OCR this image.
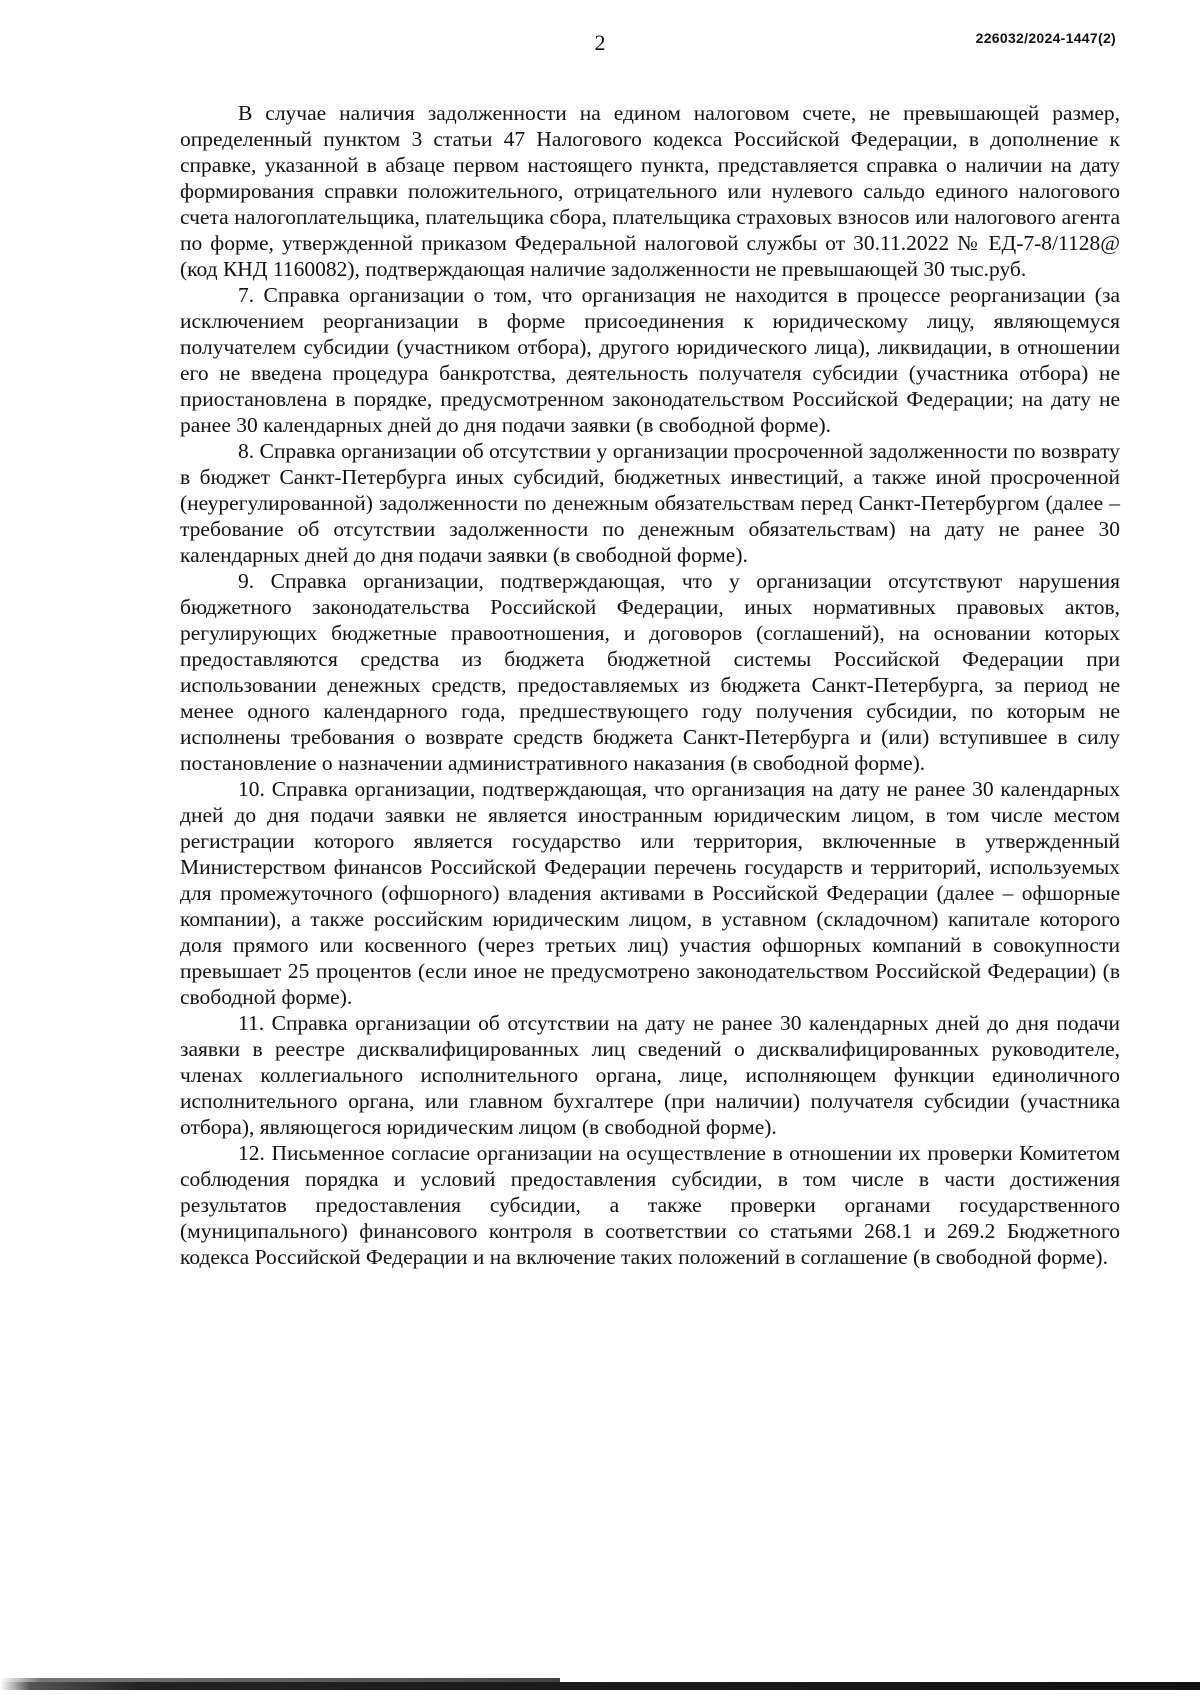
2	226032/2024-1447(2)

В случае наличия задолженности на едином налоговом счете, не превышающей размер, определенный пунктом 3 статьи 47 Налогового кодекса Российской Федерации, в дополнение к справке, указанной в абзаце первом настоящего пункта, представляется справка о наличии на дату формирования справки положительного, отрицательного или нулевого сальдо единого налогового счета налогоплательщика, плательщика сбора, плательщика страховых взносов или налогового агента по форме, утвержденной приказом Федеральной налоговой службы от 30.11.2022 № ЕД-7-8/1128@ (код КНД 1160082), подтверждающая наличие задолженности не превышающей 30 тыс.руб.

7. Справка организации о том, что организация не находится в процессе реорганизации (за исключением реорганизации в форме присоединения к юридическому лицу, являющемуся получателем субсидии (участником отбора), другого юридического лица), ликвидации, в отношении его не введена процедура банкротства, деятельность получателя субсидии (участника отбора) не приостановлена в порядке, предусмотренном законодательством Российской Федерации; на дату не ранее 30 календарных дней до дня подачи заявки (в свободной форме).

8. Справка организации об отсутствии у организации просроченной задолженности по возврату в бюджет Санкт-Петербурга иных субсидий, бюджетных инвестиций, а также иной просроченной (неурегулированной) задолженности по денежным обязательствам перед Санкт-Петербургом (далее – требование об отсутствии задолженности по денежным обязательствам) на дату не ранее 30 календарных дней до дня подачи заявки (в свободной форме).

9. Справка организации, подтверждающая, что у организации отсутствуют нарушения бюджетного законодательства Российской Федерации, иных нормативных правовых актов, регулирующих бюджетные правоотношения, и договоров (соглашений), на основании которых предоставляются средства из бюджета бюджетной системы Российской Федерации при использовании денежных средств, предоставляемых из бюджета Санкт-Петербурга, за период не менее одного календарного года, предшествующего году получения субсидии, по которым не исполнены требования о возврате средств бюджета Санкт-Петербурга и (или) вступившее в силу постановление о назначении административного наказания (в свободной форме).

10. Справка организации, подтверждающая, что организация на дату не ранее 30 календарных дней до дня подачи заявки не является иностранным юридическим лицом, в том числе местом регистрации которого является государство или территория, включенные в утвержденный Министерством финансов Российской Федерации перечень государств и территорий, используемых для промежуточного (офшорного) владения активами в Российской Федерации (далее – офшорные компании), а также российским юридическим лицом, в уставном (складочном) капитале которого доля прямого или косвенного (через третьих лиц) участия офшорных компаний в совокупности превышает 25 процентов (если иное не предусмотрено законодательством Российской Федерации) (в свободной форме).

11. Справка организации об отсутствии на дату не ранее 30 календарных дней до дня подачи заявки в реестре дисквалифицированных лиц сведений о дисквалифицированных руководителе, членах коллегиального исполнительного органа, лице, исполняющем функции единоличного исполнительного органа, или главном бухгалтере (при наличии) получателя субсидии (участника отбора), являющегося юридическим лицом (в свободной форме).

12. Письменное согласие организации на осуществление в отношении их проверки Комитетом соблюдения порядка и условий предоставления субсидии, в том числе в части достижения результатов предоставления субсидии, а также проверки органами государственного (муниципального) финансового контроля в соответствии со статьями 268.1 и 269.2 Бюджетного кодекса Российской Федерации и на включение таких положений в соглашение (в свободной форме).
